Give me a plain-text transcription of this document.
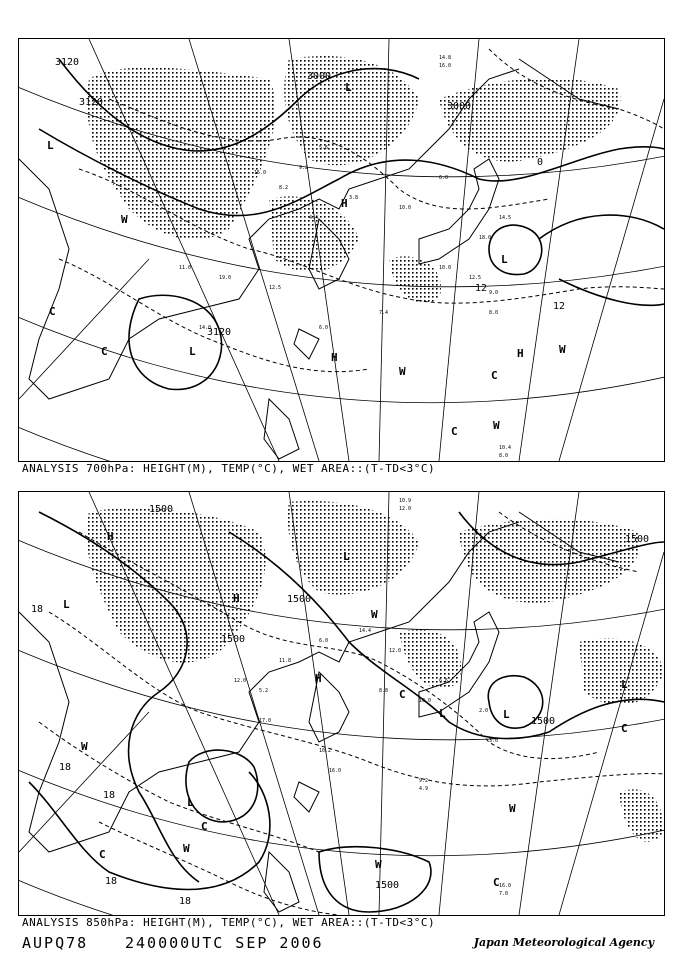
15.0
8.2
4.4
3.8
10.0
6.0
18.0
12.5
7.4
6.0
12.5
19.0
11.0
14.0
14.5
10.0
9.0
8.0
10.4
8.0
14.8
16.0
5.6
9.2
3120
3120
3000
3000
3120
0
12
12
L
L
L
L
H
H	H
W
W
W
W
C
C
C
C
ANALYSIS 700hPa: HEIGHT(M), TEMP(°C), WET AREA::(T-TD<3°C)
12.0
5.2
11.8
6.0
14.4
12.0
8.8
10.0
6.6
2.0
3.0
10.2
16.0
9.2
4.9
16.0
7.0
17.0
10.9
12.0
1500
1500
1500
1500
1500
1500
18
18
18
18
18
L
L
L
L
L
L
H
H
H
W
W
W
W
W
C
C
C
C
C
ANALYSIS 850hPa: HEIGHT(M), TEMP(°C), WET AREA::(T-TD<3°C)
AUPQ78 240000UTC SEP 2006	Japan Meteorological Agency
